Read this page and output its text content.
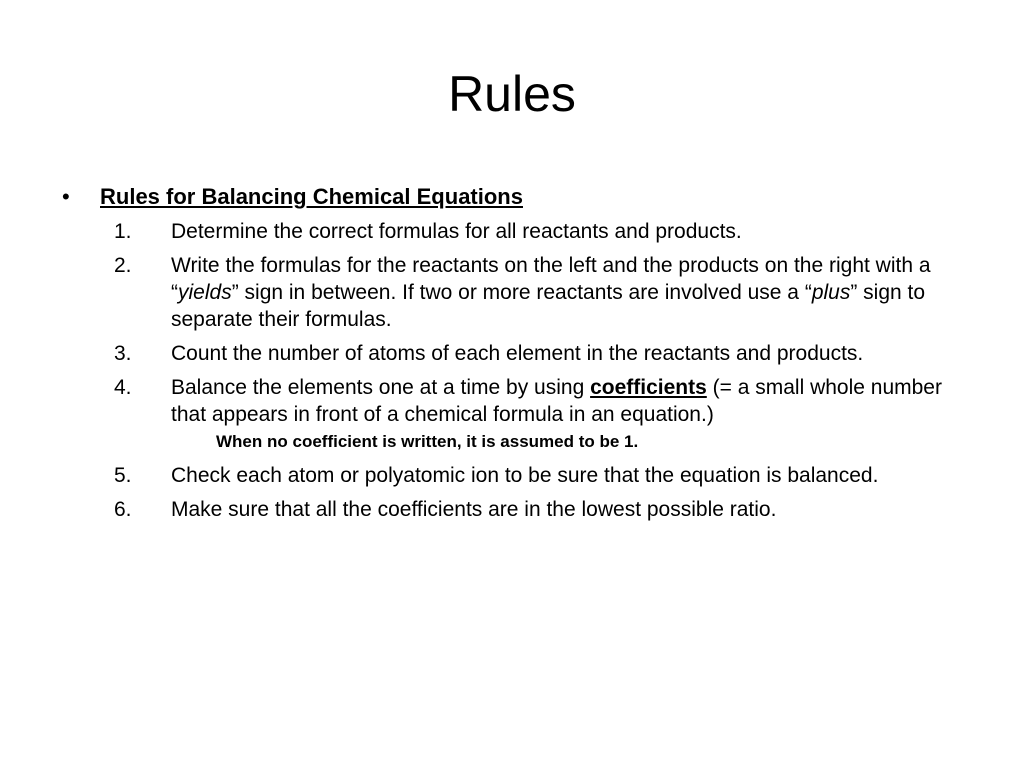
Rules
• Rules for Balancing Chemical Equations
1. Determine the correct formulas for all reactants and products.
2. Write the formulas for the reactants on the left and the products on the right with a “yields” sign in between. If two or more reactants are involved use a “plus” sign to separate their formulas.
3. Count the number of atoms of each element in the reactants and products.
4. Balance the elements one at a time by using coefficients (= a small whole number that appears in front of a chemical formula in an equation.)
When no coefficient is written, it is assumed to be 1.
5. Check each atom or polyatomic ion to be sure that the equation is balanced.
6. Make sure that all the coefficients are in the lowest possible ratio.
